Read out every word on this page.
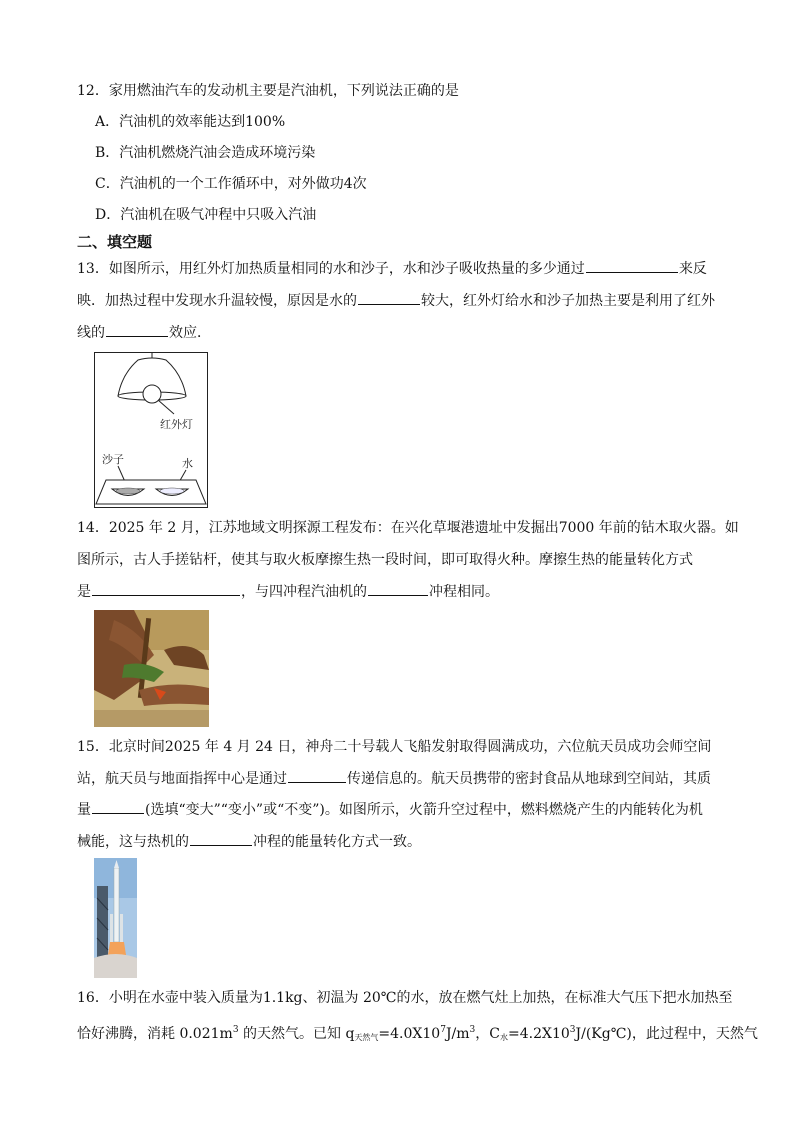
12．家用燃油汽车的发动机主要是汽油机，下列说法正确的是
A．汽油机的效率能达到100%
B．汽油机燃烧汽油会造成环境污染
C．汽油机的一个工作循环中，对外做功4次
D．汽油机在吸气冲程中只吸入汽油
二、填空题
13．如图所示，用红外灯加热质量相同的水和沙子，水和沙子吸收热量的多少通过	来反
映．加热过程中发现水升温较慢，原因是水的	较大，红外灯给水和沙子加热主要是利用了红外
线的	效应．
红外灯
沙子	水
14．2025 年 2 月，江苏地域文明探源工程发布：在兴化草堰港遗址中发掘出7000 年前的钻木取火器。如
图所示，古人手搓钻杆，使其与取火板摩擦生热一段时间，即可取得火种。摩擦生热的能量转化方式
是	，与四冲程汽油机的	冲程相同。
15．北京时间2025 年 4 月 24 日，神舟二十号载人飞船发射取得圆满成功，六位航天员成功会师空间
站，航天员与地面指挥中心是通过	传递信息的。航天员携带的密封食品从地球到空间站，其质
量	(选填“变大”“变小”或“不变”)。如图所示，火箭升空过程中，燃料燃烧产生的内能转化为机
械能，这与热机的	冲程的能量转化方式一致。
16．小明在水壶中装入质量为1.1kg、初温为 20℃的水，放在燃气灶上加热，在标准大气压下把水加热至
恰好沸腾，消耗 $0.021m^3$ 的天然气。已知 $q_{天然气}=4.0X10^7J/m^3$，$C_水=4.2X10^3J/(Kg℃)$，此过程中，天然气
